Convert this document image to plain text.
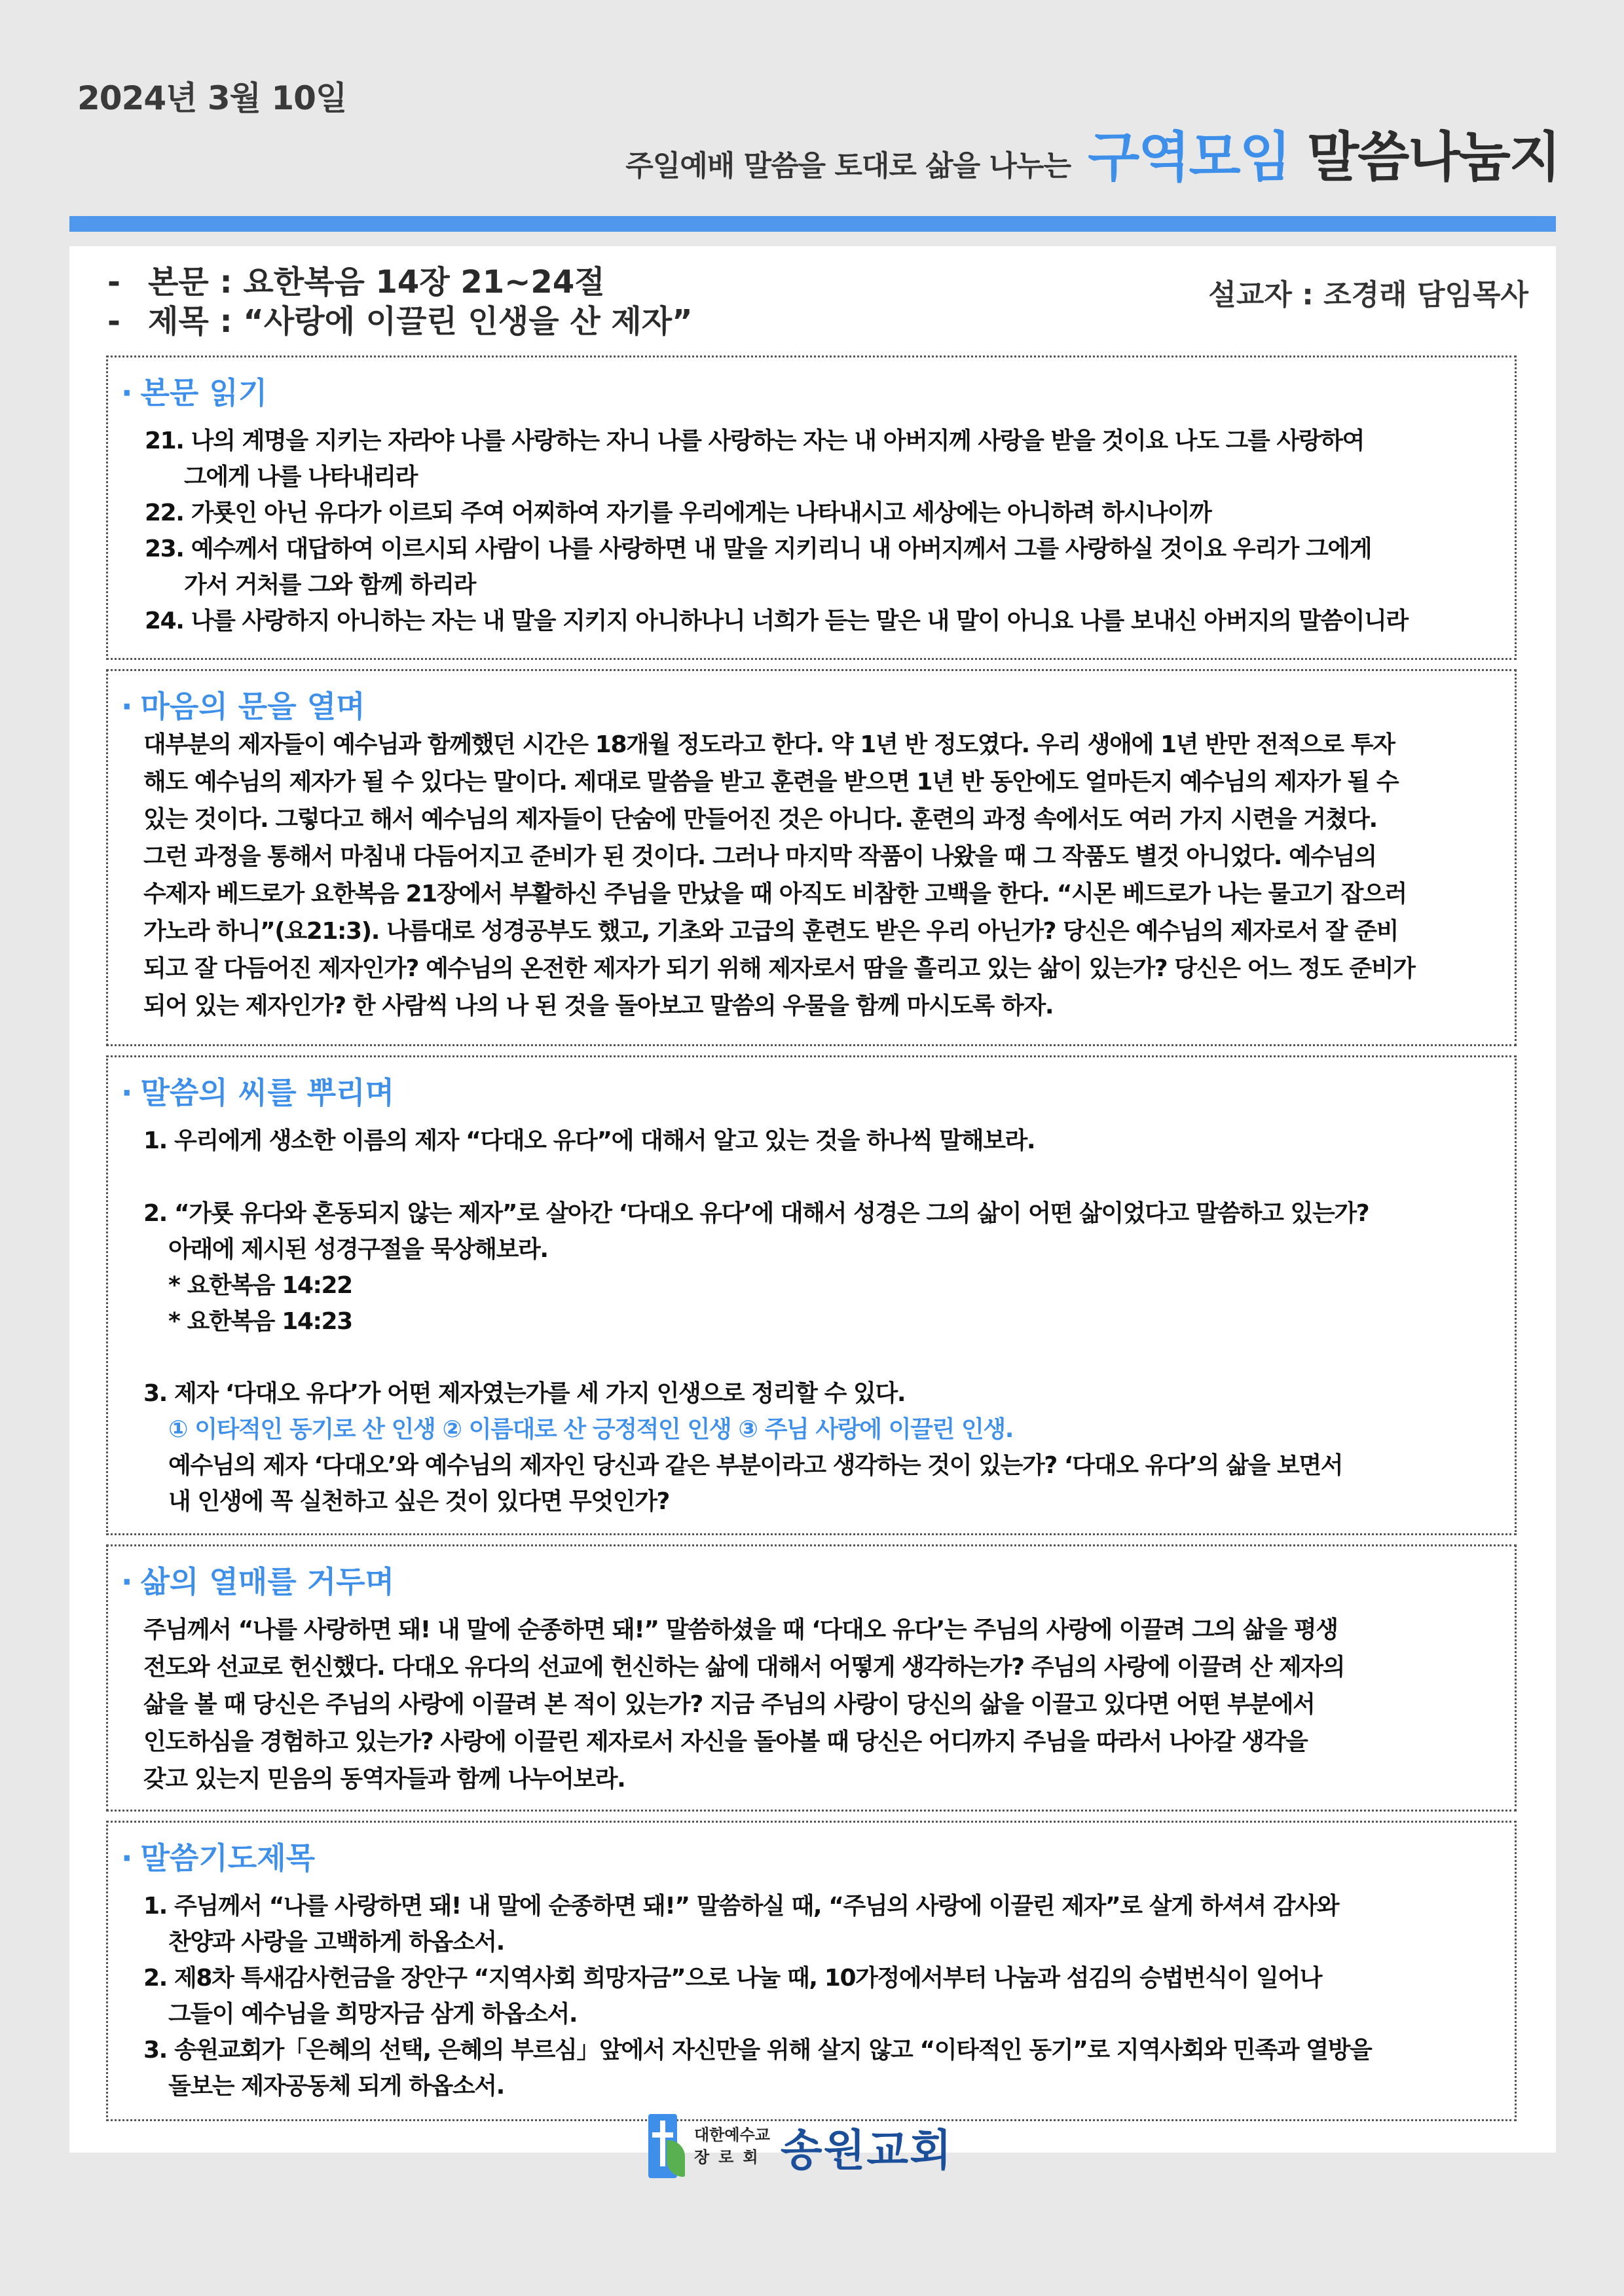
2024년 3월 10일
주일예배 말씀을 토대로 삶을 나누는 구역모임 말씀나눔지
- 본문 : 요한복음 14장 21~24절
- 제목 : “사랑에 이끌린 인생을 산 제자”
설교자 : 조경래 담임목사
· 본문 읽기
21. 나의 계명을 지키는 자라야 나를 사랑하는 자니 나를 사랑하는 자는 내 아버지께 사랑을 받을 것이요 나도 그를 사랑하여
그에게 나를 나타내리라
22. 가룟인 아닌 유다가 이르되 주여 어찌하여 자기를 우리에게는 나타내시고 세상에는 아니하려 하시나이까
23. 예수께서 대답하여 이르시되 사람이 나를 사랑하면 내 말을 지키리니 내 아버지께서 그를 사랑하실 것이요 우리가 그에게
가서 거처를 그와 함께 하리라
24. 나를 사랑하지 아니하는 자는 내 말을 지키지 아니하나니 너희가 듣는 말은 내 말이 아니요 나를 보내신 아버지의 말씀이니라
· 마음의 문을 열며
대부분의 제자들이 예수님과 함께했던 시간은 18개월 정도라고 한다. 약 1년 반 정도였다. 우리 생애에 1년 반만 전적으로 투자
해도 예수님의 제자가 될 수 있다는 말이다. 제대로 말씀을 받고 훈련을 받으면 1년 반 동안에도 얼마든지 예수님의 제자가 될 수
있는 것이다. 그렇다고 해서 예수님의 제자들이 단숨에 만들어진 것은 아니다. 훈련의 과정 속에서도 여러 가지 시련을 거쳤다.
그런 과정을 통해서 마침내 다듬어지고 준비가 된 것이다. 그러나 마지막 작품이 나왔을 때 그 작품도 별것 아니었다. 예수님의
수제자 베드로가 요한복음 21장에서 부활하신 주님을 만났을 때 아직도 비참한 고백을 한다. “시몬 베드로가 나는 물고기 잡으러
가노라 하니”(요21:3). 나름대로 성경공부도 했고, 기초와 고급의 훈련도 받은 우리 아닌가? 당신은 예수님의 제자로서 잘 준비
되고 잘 다듬어진 제자인가? 예수님의 온전한 제자가 되기 위해 제자로서 땀을 흘리고 있는 삶이 있는가? 당신은 어느 정도 준비가
되어 있는 제자인가? 한 사람씩 나의 나 된 것을 돌아보고 말씀의 우물을 함께 마시도록 하자.
· 말씀의 씨를 뿌리며
1. 우리에게 생소한 이름의 제자 “다대오 유다”에 대해서 알고 있는 것을 하나씩 말해보라.
2. “가룟 유다와 혼동되지 않는 제자”로 살아간 ‘다대오 유다’에 대해서 성경은 그의 삶이 어떤 삶이었다고 말씀하고 있는가?
아래에 제시된 성경구절을 묵상해보라.
* 요한복음 14:22
* 요한복음 14:23
3. 제자 ‘다대오 유다’가 어떤 제자였는가를 세 가지 인생으로 정리할 수 있다.
① 이타적인 동기로 산 인생 ② 이름대로 산 긍정적인 인생 ③ 주님 사랑에 이끌린 인생.
예수님의 제자 ‘다대오’와 예수님의 제자인 당신과 같은 부분이라고 생각하는 것이 있는가? ‘다대오 유다’의 삶을 보면서
내 인생에 꼭 실천하고 싶은 것이 있다면 무엇인가?
· 삶의 열매를 거두며
주님께서 “나를 사랑하면 돼! 내 말에 순종하면 돼!” 말씀하셨을 때 ‘다대오 유다’는 주님의 사랑에 이끌려 그의 삶을 평생
전도와 선교로 헌신했다. 다대오 유다의 선교에 헌신하는 삶에 대해서 어떻게 생각하는가? 주님의 사랑에 이끌려 산 제자의
삶을 볼 때 당신은 주님의 사랑에 이끌려 본 적이 있는가? 지금 주님의 사랑이 당신의 삶을 이끌고 있다면 어떤 부분에서
인도하심을 경험하고 있는가? 사랑에 이끌린 제자로서 자신을 돌아볼 때 당신은 어디까지 주님을 따라서 나아갈 생각을
갖고 있는지 믿음의 동역자들과 함께 나누어보라.
· 말씀기도제목
1. 주님께서 “나를 사랑하면 돼! 내 말에 순종하면 돼!” 말씀하실 때, “주님의 사랑에 이끌린 제자”로 살게 하셔셔 감사와
찬양과 사랑을 고백하게 하옵소서.
2. 제8차 특새감사헌금을 장안구 “지역사회 희망자금”으로 나눌 때, 10가정에서부터 나눔과 섬김의 승법번식이 일어나
그들이 예수님을 희망자금 삼게 하옵소서.
3. 송원교회가「은혜의 선택, 은혜의 부르심」앞에서 자신만을 위해 살지 않고 “이타적인 동기”로 지역사회와 민족과 열방을
돌보는 제자공동체 되게 하옵소서.
대한예수교
장로회 송원교회
